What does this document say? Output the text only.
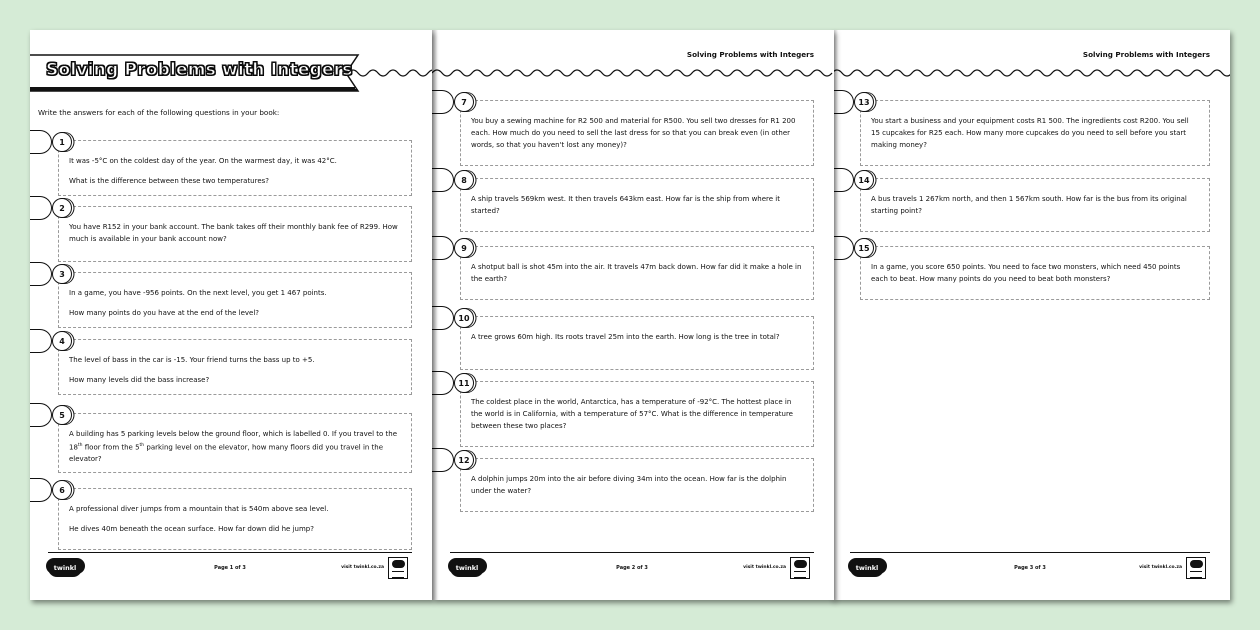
Solving Problems with Integers
Write the answers for each of the following questions in your book:

It was -5°C on the coldest day of the year. On the warmest day, it was 42°C.

What is the difference between these two temperatures?

1

You have R152 in your bank account. The bank takes off their monthly bank fee of R299. How much is available in your bank account now?

2

In a game, you have -956 points. On the next level, you get 1 467 points.

How many points do you have at the end of the level?

3

The level of bass in the car is -15. Your friend turns the bass up to +5.

How many levels did the bass increase?

4
A building has 5 parking levels below the ground floor, which is labelled 0. If you travel to the 18th floor from the 5th parking level on the elevator, how many floors did you travel in the elevator?
5

A professional diver jumps from a mountain that is 540m above sea level.

He dives 40m beneath the ocean surface. How far down did he jump?

6
twinkl	Page 1 of 3	visit twinkl.co.za
Solving Problems with Integers

You buy a sewing machine for R2 500 and material for R500. You sell two dresses for R1 200 each. How much do you need to sell the last dress for so that you can break even (in other words, so that you haven't lost any money)?

7

A ship travels 569km west. It then travels 643km east. How far is the ship from where it started?

8

A shotput ball is shot 45m into the air. It travels 47m back down. How far did it make a hole in the earth?

9

A tree grows 60m high. Its roots travel 25m into the earth. How long is the tree in total?

10

The coldest place in the world, Antarctica, has a temperature of -92°C. The hottest place in the world is in California, with a temperature of 57°C. What is the difference in temperature between these two places?

11

A dolphin jumps 20m into the air before diving 34m into the ocean. How far is the dolphin under the water?

12
twinkl	Page 2 of 3	visit twinkl.co.za
Solving Problems with Integers

You start a business and your equipment costs R1 500. The ingredients cost R200. You sell 15 cupcakes for R25 each. How many more cupcakes do you need to sell before you start making money?

13

A bus travels 1 267km north, and then 1 567km south. How far is the bus from its original starting point?

14

In a game, you score 650 points. You need to face two monsters, which need 450 points each to beat. How many points do you need to beat both monsters?

15
twinkl	Page 3 of 3	visit twinkl.co.za
